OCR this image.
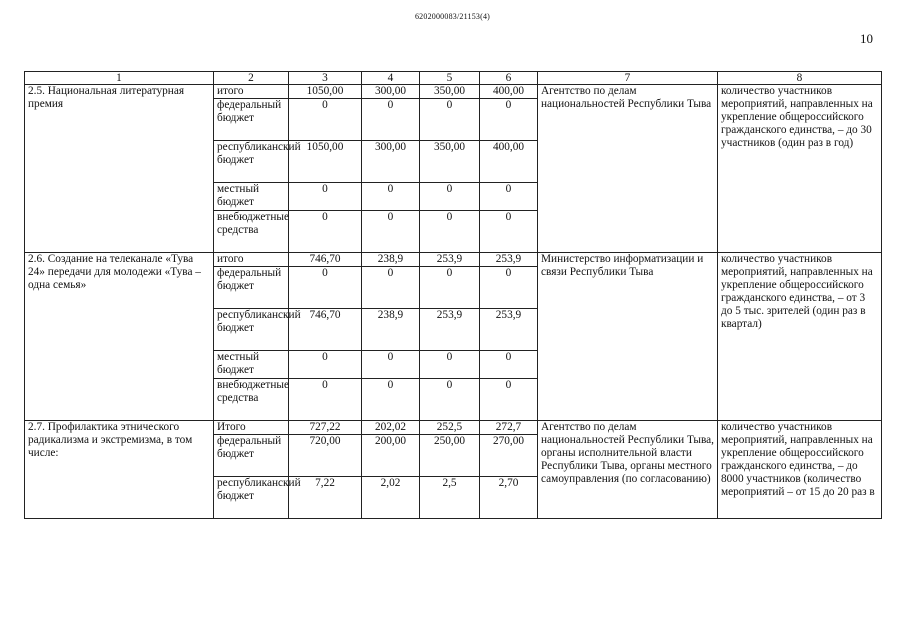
6202000083/21153(4)
10
1	2	3	4	5	6	7	8
2.5. Национальная литературная премия	итого	1050,00	300,00	350,00	400,00	Агентство по делам национальностей Республики Тыва	количество участников мероприятий, направленных на укрепление общероссийского гражданского единства, – до 30 участников (один раз в год)
	федеральный бюджет	0	0	0	0		
	республиканский бюджет	1050,00	300,00	350,00	400,00		
	местный бюджет	0	0	0	0		
	внебюджетные средства	0	0	0	0		
2.6. Создание на телеканале «Тува 24» передачи для молодежи «Тува – одна семья»	итого	746,70	238,9	253,9	253,9	Министерство информатизации и связи Республики Тыва	количество участников мероприятий, направленных на укрепление общероссийского гражданского единства, – от 3 до 5 тыс. зрителей (один раз в квартал)
	федеральный бюджет	0	0	0	0		
	республиканский бюджет	746,70	238,9	253,9	253,9		
	местный бюджет	0	0	0	0		
	внебюджетные средства	0	0	0	0		
2.7. Профилактика этнического радикализма и экстремизма, в том числе:	Итого	727,22	202,02	252,5	272,7	Агентство по делам национальностей Республики Тыва, органы исполнительной власти Республики Тыва, органы местного самоуправления (по согласованию)	количество участников мероприятий, направленных на укрепление общероссийского гражданского единства, – до 8000 участников (количество мероприятий – от 15 до 20 раз в
	федеральный бюджет	720,00	200,00	250,00	270,00		
	республиканский бюджет	7,22	2,02	2,5	2,70		
